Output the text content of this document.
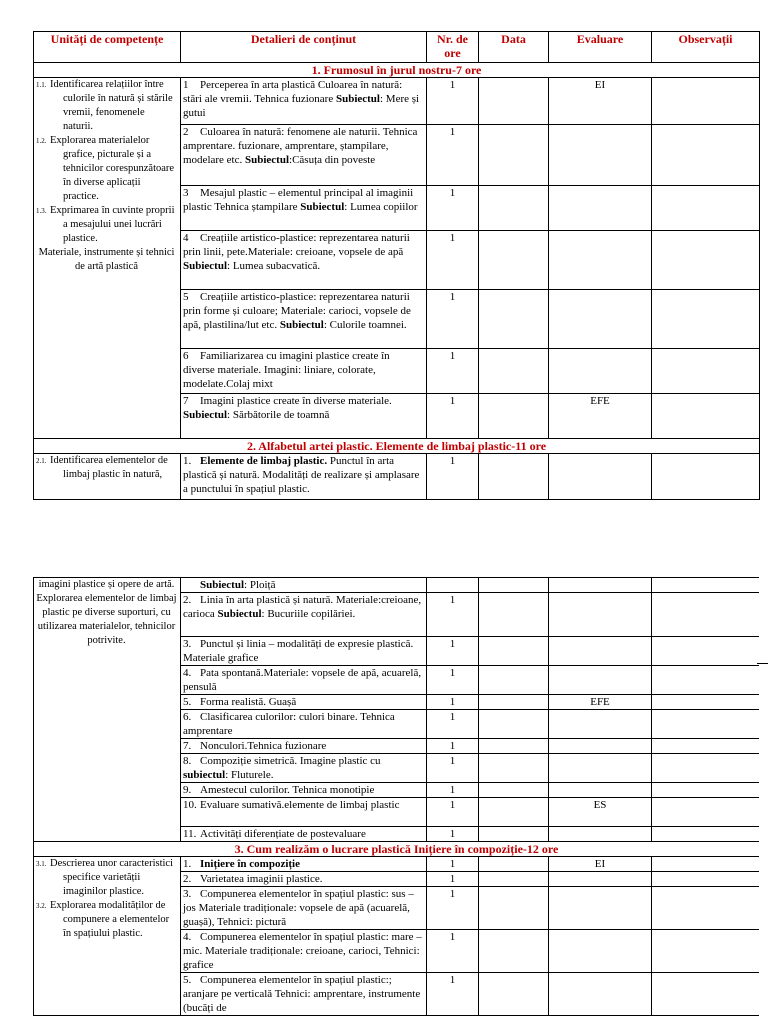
Unități de competențe	Detalieri de conținut	Nr. de ore	Data	Evaluare	Observații
1. Frumosul în jurul nostru-7 ore					

1.1. Identificarea relațiilor între culorile în natură și stările vremii, fenomenele naturii.
1.2. Explorarea materialelor grafice, picturale și a tehnicilor corespunzătoare în diverse aplicații practice.
1.3. Exprimarea în cuvinte proprii a mesajului unei lucrări plastice.
Materiale, instrumente și tehnici de artă plastică	1 Perceperea în arta plastică Culoarea în natură: stări ale vremii. Tehnica fuzionare Subiectul: Mere și gutui	1		EI	
	2 Culoarea în natură: fenomene ale naturii. Tehnica amprentare. fuzionare, amprentare, ștampilare, modelare etc. Subiectul:Căsuța din poveste	1			
	3 Mesajul plastic – elementul principal al imaginii plastic Tehnica ștampilare Subiectul: Lumea copiilor	1			
	4 Creațiile artistico-plastice: reprezentarea naturii prin linii, pete.Materiale: creioane, vopsele de apă Subiectul: Lumea subacvatică.	1			
	5 Creațiile artistico-plastice: reprezentarea naturii prin forme și culoare; Materiale: carioci, vopsele de apă, plastilina/lut etc. Subiectul: Culorile toamnei.	1			
	6 Familiarizarea cu imagini plastice create în diverse materiale. Imagini: liniare, colorate, modelate.Colaj mixt	1			
	7 Imagini plastice create în diverse materiale. Subiectul: Sărbătorile de toamnă	1		EFE	
2. Alfabetul artei plastic. Elemente de limbaj plastic-11 ore					

2.1. Identificarea elementelor de limbaj plastic în natură,	1. Elemente de limbaj plastic. Punctul în arta plastică și natură. Modalități de realizare și amplasare a punctului în spațiul plastic.	1			
imagini plastice și opere de artă. Explorarea elementelor de limbaj plastic pe diverse suporturi, cu utilizarea materialelor, tehnicilor potrivite.	Subiectul: Ploiță				
	2. Linia în arta plastică și natură. Materiale:creioane, carioca Subiectul: Bucuriile copilăriei.	1			
	3. Punctul și linia – modalități de expresie plastică. Materiale grafice	1			
	4. Pata spontană.Materiale: vopsele de apă, acuarelă, pensulă	1			
	5. Forma realistă. Guașă	1		EFE	
	6. Clasificarea culorilor: culori binare. Tehnica amprentare	1			
	7. Nonculori.Tehnica fuzionare	1			
	8. Compoziție simetrică. Imagine plastic cu subiectul: Fluturele.	1			
	9. Amestecul culorilor. Tehnica monotipie	1			
	10. Evaluare sumativă.elemente de limbaj plastic	1		ES	
	11. Activități diferențiate de postevaluare	1			
3. Cum realizăm o lucrare plastică Inițiere în compoziție-12 ore					

3.1. Descrierea unor caracteristici specifice varietății imaginilor plastice.
3.2. Explorarea modalităților de compunere a elementelor în spațiului plastic.	1. Inițiere în compoziție	1		EI	
	2. Varietatea imaginii plastice.	1			
	3. Compunerea elementelor în spațiul plastic: sus – jos Materiale tradiționale: vopsele de apă (acuarelă, guașă), Tehnici: pictură	1			
	4. Compunerea elementelor în spațiul plastic: mare – mic. Materiale tradiționale: creioane, carioci, Tehnici: grafice	1			
	5. Compunerea elementelor în spațiul plastic:; aranjare pe verticală Tehnici: amprentare, instrumente (bucăți de	1			
